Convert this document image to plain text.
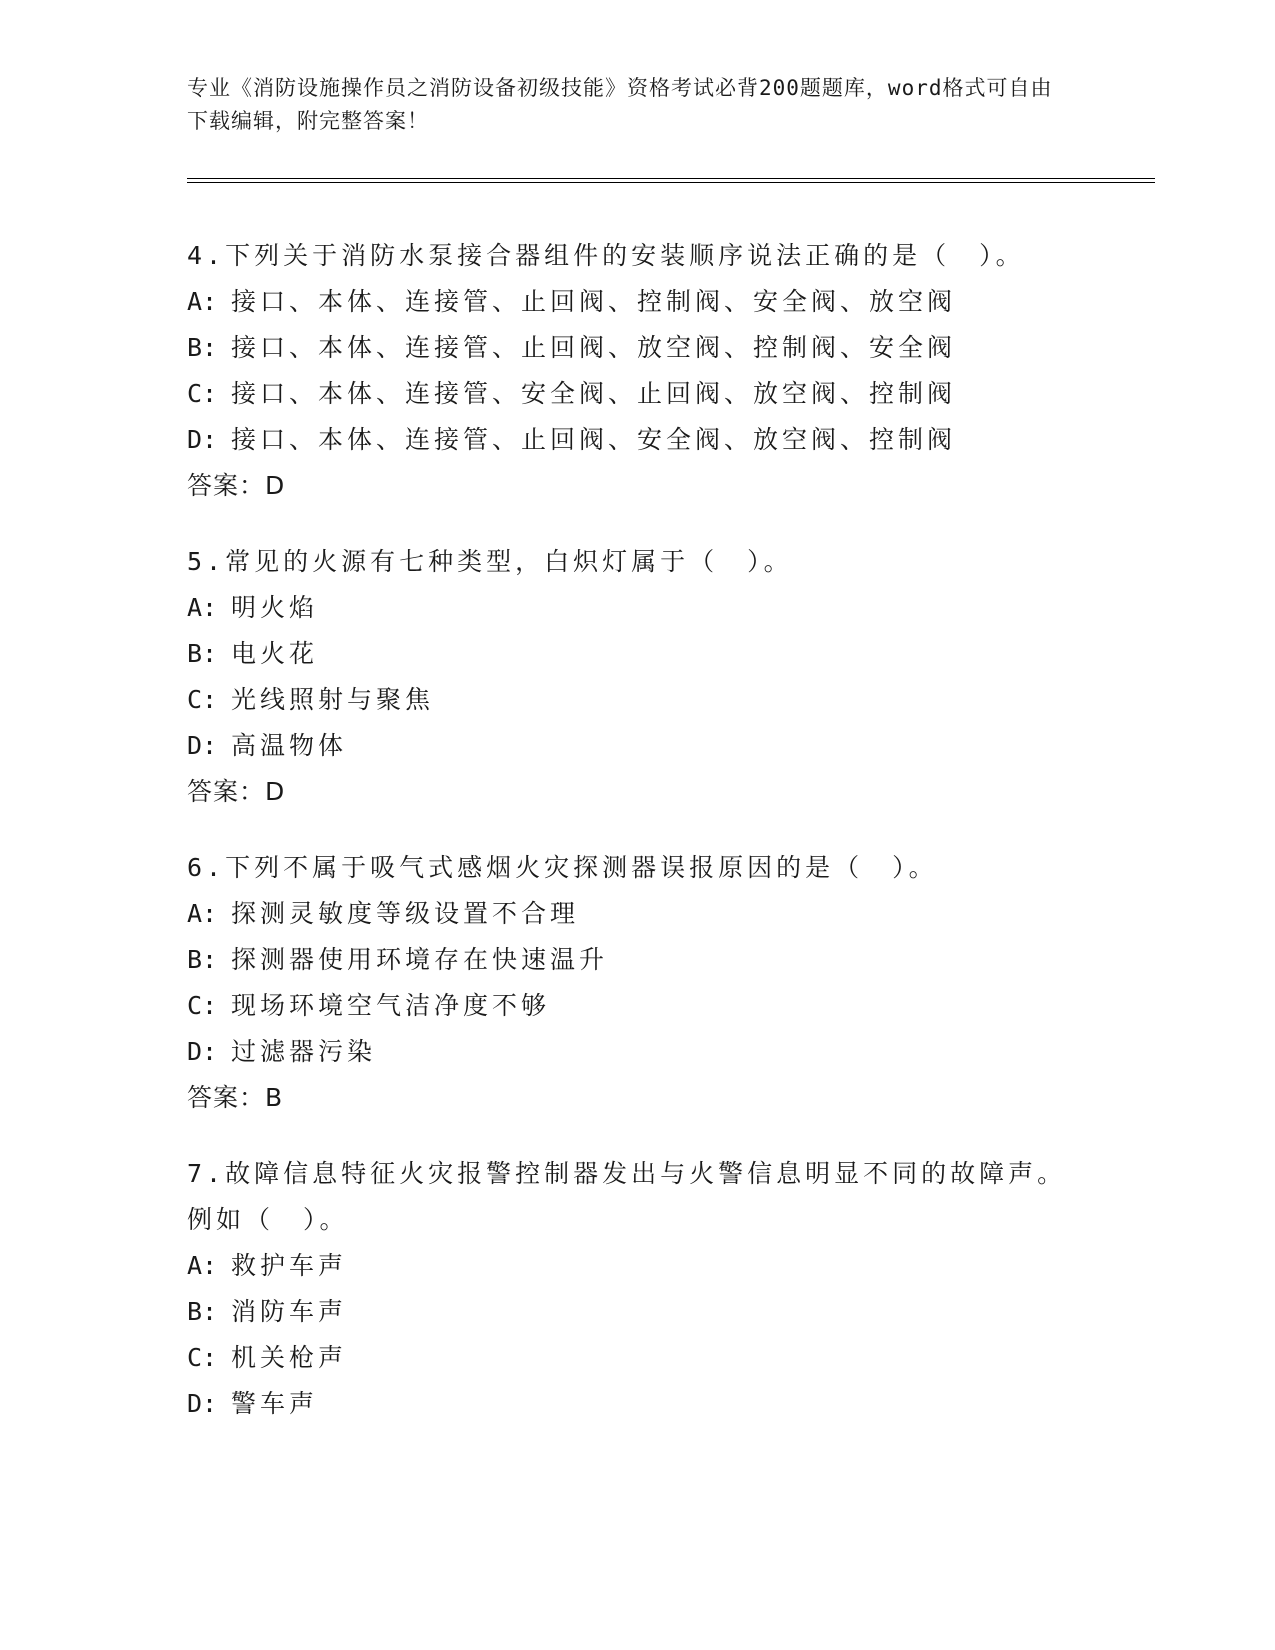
专业《消防设施操作员之消防设备初级技能》资格考试必背200题题库，word格式可自由下载编辑，附完整答案！
4.下列关于消防水泵接合器组件的安装顺序说法正确的是（　）。
A: 接口、本体、连接管、止回阀、控制阀、安全阀、放空阀
B: 接口、本体、连接管、止回阀、放空阀、控制阀、安全阀
C: 接口、本体、连接管、安全阀、止回阀、放空阀、控制阀
D: 接口、本体、连接管、止回阀、安全阀、放空阀、控制阀
答案：D
5.常见的火源有七种类型，白炽灯属于（　）。
A: 明火焰
B: 电火花
C: 光线照射与聚焦
D: 高温物体
答案：D
6.下列不属于吸气式感烟火灾探测器误报原因的是（　）。
A: 探测灵敏度等级设置不合理
B: 探测器使用环境存在快速温升
C: 现场环境空气洁净度不够
D: 过滤器污染
答案：B
7.故障信息特征火灾报警控制器发出与火警信息明显不同的故障声。例如（　）。
A: 救护车声
B: 消防车声
C: 机关枪声
D: 警车声
